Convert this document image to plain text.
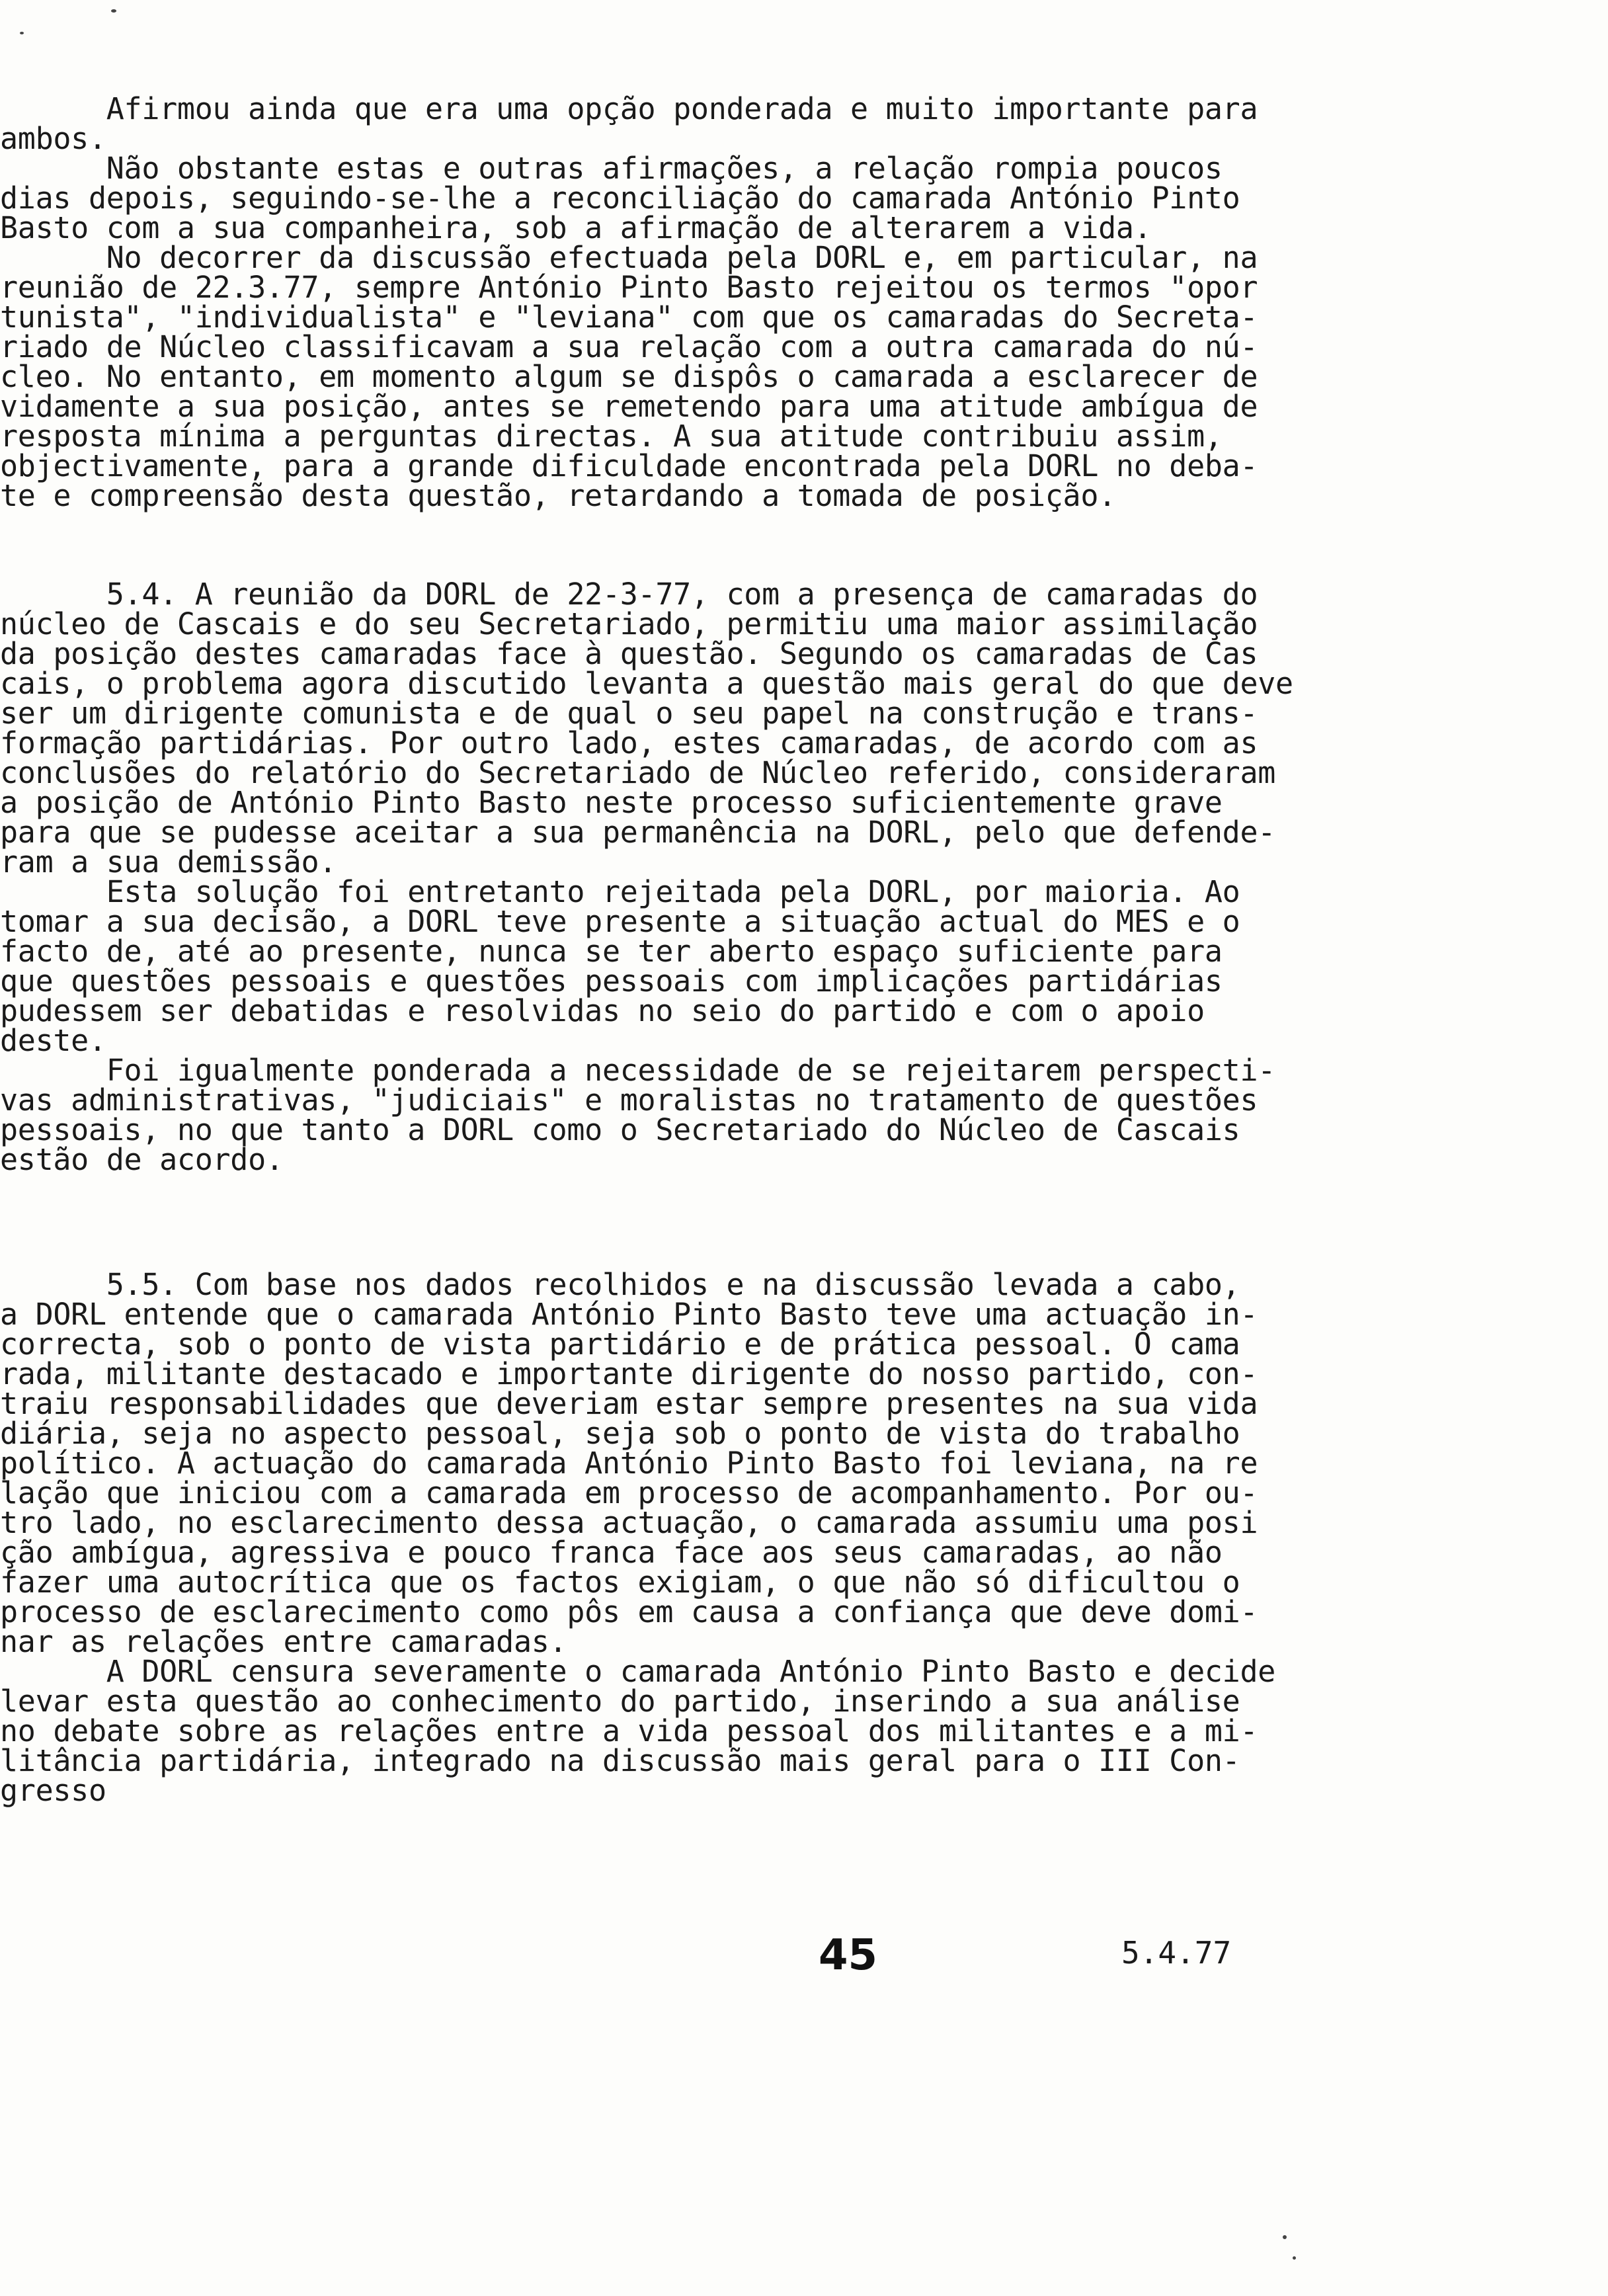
Afirmou ainda que era uma opção ponderada e muito importante para
ambos.
Não obstante estas e outras afirmações, a relação rompia poucos
dias depois, seguindo-se-lhe a reconciliação do camarada António Pinto
Basto com a sua companheira, sob a afirmação de alterarem a vida.
No decorrer da discussão efectuada pela DORL e, em particular, na
reunião de 22.3.77, sempre António Pinto Basto rejeitou os termos "opor
tunista", "individualista" e "leviana" com que os camaradas do Secreta-
riado de Núcleo classificavam a sua relação com a outra camarada do nú-
cleo. No entanto, em momento algum se dispôs o camarada a esclarecer de
vidamente a sua posição, antes se remetendo para uma atitude ambígua de
resposta mínima a perguntas directas. A sua atitude contribuiu assim,
objectivamente, para a grande dificuldade encontrada pela DORL no deba-
te e compreensão desta questão, retardando a tomada de posição.
5.4. A reunião da DORL de 22-3-77, com a presença de camaradas do
núcleo de Cascais e do seu Secretariado, permitiu uma maior assimilação
da posição destes camaradas face à questão. Segundo os camaradas de Cas
cais, o problema agora discutido levanta a questão mais geral do que deve
ser um dirigente comunista e de qual o seu papel na construção e trans-
formação partidárias. Por outro lado, estes camaradas, de acordo com as
conclusões do relatório do Secretariado de Núcleo referido, consideraram
a posição de António Pinto Basto neste processo suficientemente grave
para que se pudesse aceitar a sua permanência na DORL, pelo que defende-
ram a sua demissão.
Esta solução foi entretanto rejeitada pela DORL, por maioria. Ao
tomar a sua decisão, a DORL teve presente a situação actual do MES e o
facto de, até ao presente, nunca se ter aberto espaço suficiente para
que questões pessoais e questões pessoais com implicações partidárias
pudessem ser debatidas e resolvidas no seio do partido e com o apoio
deste.
Foi igualmente ponderada a necessidade de se rejeitarem perspecti-
vas administrativas, "judiciais" e moralistas no tratamento de questões
pessoais, no que tanto a DORL como o Secretariado do Núcleo de Cascais
estão de acordo.
5.5. Com base nos dados recolhidos e na discussão levada a cabo,
a DORL entende que o camarada António Pinto Basto teve uma actuação in-
correcta, sob o ponto de vista partidário e de prática pessoal. O cama
rada, militante destacado e importante dirigente do nosso partido, con-
traiu responsabilidades que deveriam estar sempre presentes na sua vida
diária, seja no aspecto pessoal, seja sob o ponto de vista do trabalho
político. A actuação do camarada António Pinto Basto foi leviana, na re
lação que iniciou com a camarada em processo de acompanhamento. Por ou-
tro lado, no esclarecimento dessa actuação, o camarada assumiu uma posi
ção ambígua, agressiva e pouco franca face aos seus camaradas, ao não
fazer uma autocrítica que os factos exigiam, o que não só dificultou o
processo de esclarecimento como pôs em causa a confiança que deve domi-
nar as relações entre camaradas.
A DORL censura severamente o camarada António Pinto Basto e decide
levar esta questão ao conhecimento do partido, inserindo a sua análise
no debate sobre as relações entre a vida pessoal dos militantes e a mi-
litância partidária, integrado na discussão mais geral para o III Con-
gresso
45	5.4.77
